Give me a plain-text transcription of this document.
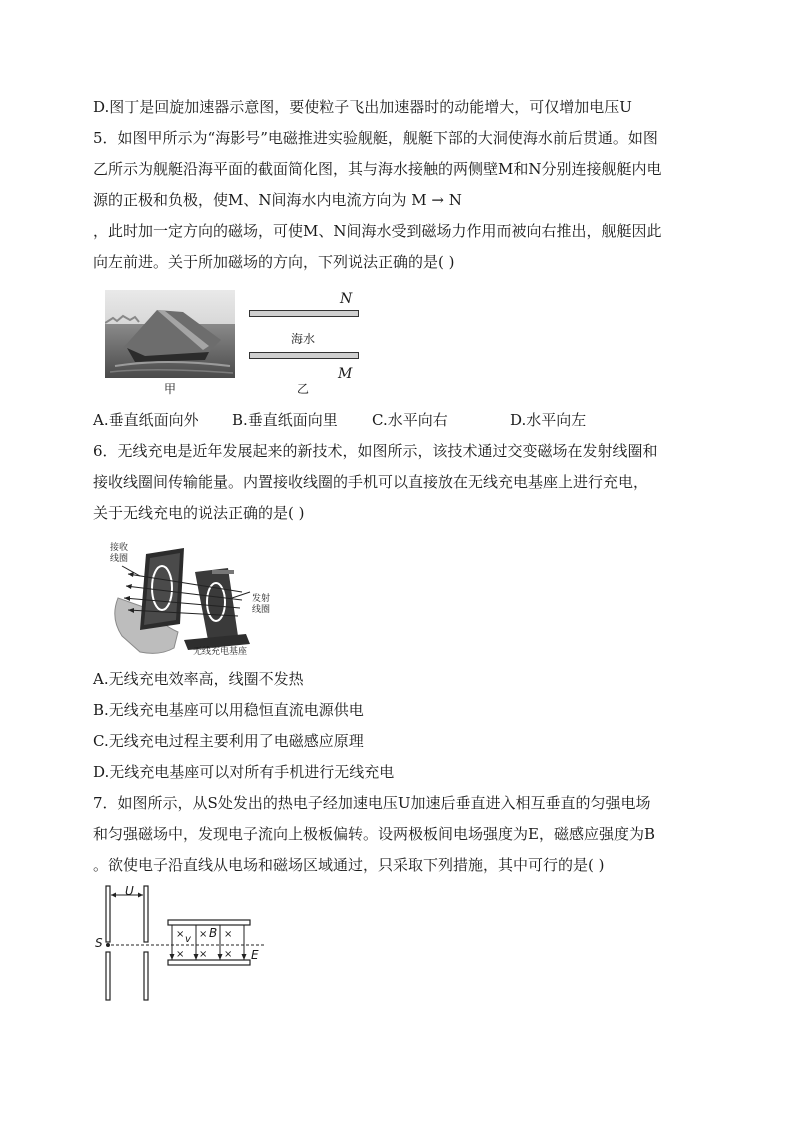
D.图丁是回旋加速器示意图，要使粒子飞出加速器时的动能增大，可仅增加电压U
5．如图甲所示为“海影号”电磁推进实验舰艇，舰艇下部的大洞使海水前后贯通。如图
乙所示为舰艇沿海平面的截面简化图，其与海水接触的两侧壁M和N分别连接舰艇内电
源的正极和负极，使M、N间海水内电流方向为 M → N
，此时加一定方向的磁场，可使M、N间海水受到磁场力作用而被向右推出，舰艇因此
向左前进。关于所加磁场的方向，下列说法正确的是( )
甲
N
海水
M
乙
A.垂直纸面向外 B.垂直纸面向里 C.水平向右	D.水平向左
6．无线充电是近年发展起来的新技术，如图所示，该技术通过交变磁场在发射线圈和
接收线圈间传输能量。内置接收线圈的手机可以直接放在无线充电基座上进行充电，
关于无线充电的说法正确的是( )
接收
线圈
发射
线圈
无线充电基座
A.无线充电效率高，线圈不发热
B.无线充电基座可以用稳恒直流电源供电
C.无线充电过程主要利用了电磁感应原理
D.无线充电基座可以对所有手机进行无线充电
7．如图所示，从S处发出的热电子经加速电压U加速后垂直进入相互垂直的匀强电场
和匀强磁场中，发现电子流向上极板偏转。设两极板间电场强度为E，磁感应强度为B
。欲使电子沿直线从电场和磁场区域通过，只采取下列措施，其中可行的是( )
U
S
× v × B ×
× × × E
